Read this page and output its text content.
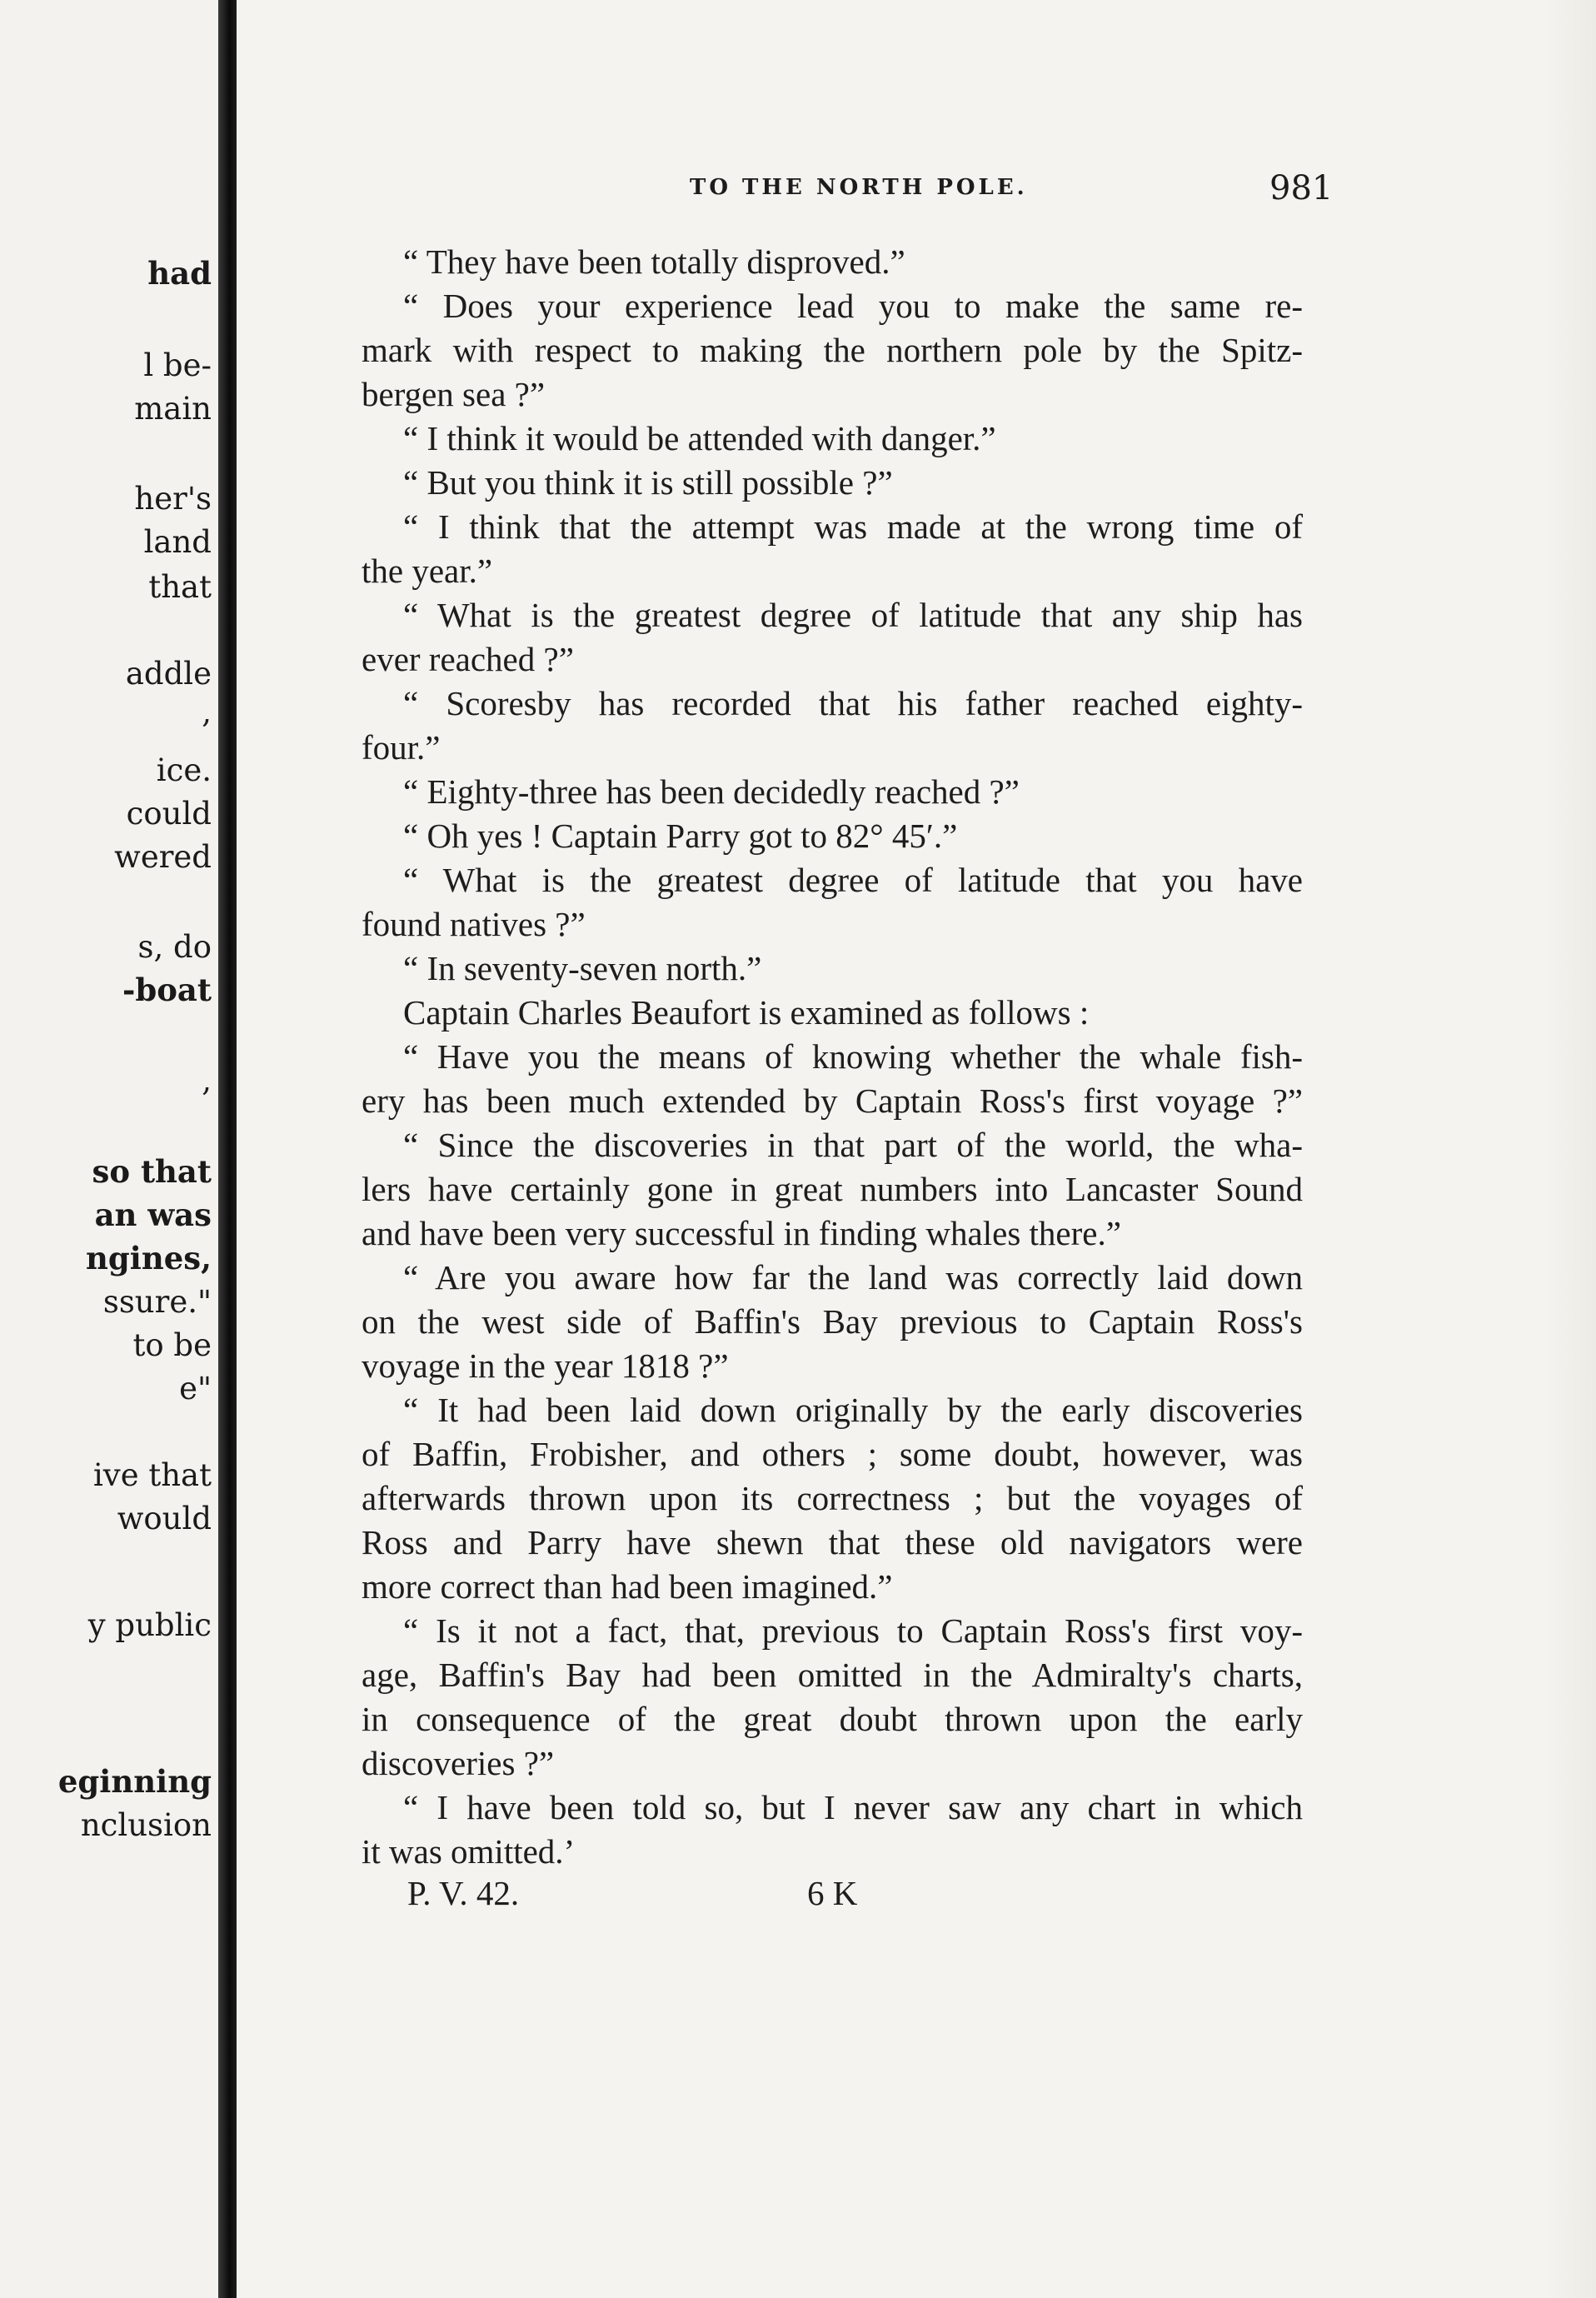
had
l be-
main
her's
land
that
addle
,
ice.
could
wered
s, do
-boat
,
so that
an was
ngines,
ssure."
to be
e"
ive that
would
y public
eginning
nclusion
TO THE NORTH POLE.	981
“ They have been totally disproved.”
“ Does your experience lead you to make the same re-
mark with respect to making the northern pole by the Spitz-
bergen sea ?”
“ I think it would be attended with danger.”
“ But you think it is still possible ?”
“ I think that the attempt was made at the wrong time of
the year.”
“ What is the greatest degree of latitude that any ship has
ever reached ?”
“ Scoresby has recorded that his father reached eighty-
four.”
“ Eighty-three has been decidedly reached ?”
“ Oh yes ! Captain Parry got to 82° 45′.”
“ What is the greatest degree of latitude that you have
found natives ?”
“ In seventy-seven north.”
Captain Charles Beaufort is examined as follows :
“ Have you the means of knowing whether the whale fish-
ery has been much extended by Captain Ross's first voyage ?”
“ Since the discoveries in that part of the world, the wha-
lers have certainly gone in great numbers into Lancaster Sound
and have been very successful in finding whales there.”
“ Are you aware how far the land was correctly laid down
on the west side of Baffin's Bay previous to Captain Ross's
voyage in the year 1818 ?”
“ It had been laid down originally by the early discoveries
of Baffin, Frobisher, and others ; some doubt, however, was
afterwards thrown upon its correctness ; but the voyages of
Ross and Parry have shewn that these old navigators were
more correct than had been imagined.”
“ Is it not a fact, that, previous to Captain Ross's first voy-
age, Baffin's Bay had been omitted in the Admiralty's charts,
in consequence of the great doubt thrown upon the early
discoveries ?”
“ I have been told so, but I never saw any chart in which
it was omitted.’
P. V. 42.	6 K
